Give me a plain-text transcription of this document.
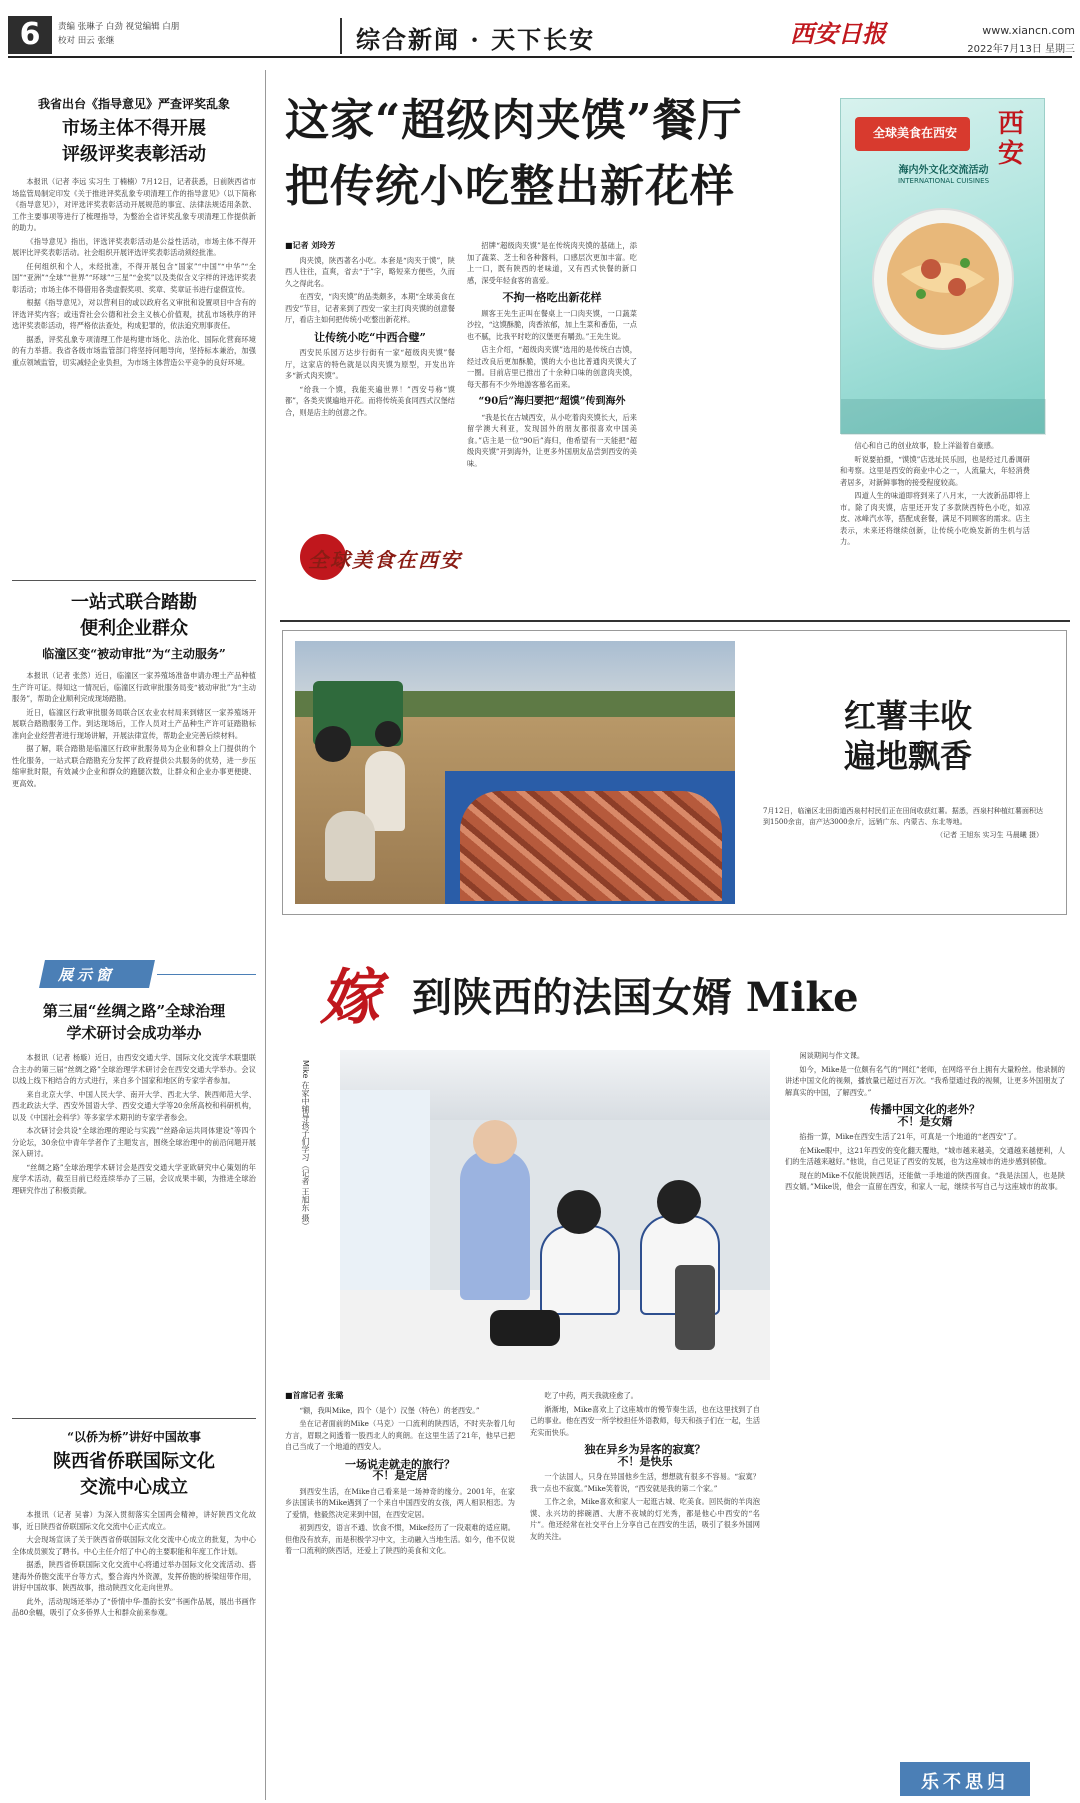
6	责编 张琳子 白劲 视觉编辑 白朋
校对 田云 张继	综合新闻 · 天下长安	西安日报	www.xiancn.com
2022年7月13日 星期三
我省出台《指导意见》严查评奖乱象
市场主体不得开展
评级评奖表彰活动

本报讯（记者 李远 实习生 丁楠楠）7月12日，记者获悉，日前陕西省市场监管局制定印发《关于推进评奖乱象专项清理工作的指导意见》（以下简称《指导意见》），对评选评奖表彰活动开展规范的事宜、法律法规适用条款、工作主要事项等进行了梳理指导，为整治全省评奖乱象专项清理工作提供新的助力。

《指导意见》指出，评选评奖表彰活动是公益性活动，市场主体不得开展评比评奖表彰活动。社会组织开展评选评奖表彰活动须经批准。

任何组织和个人，未经批准，不得开展包含“国家”“中国”“中华”“全国”“亚洲”“全球”“世界”“环球”“三星”“金奖”以及类似含义字样的评选评奖表彰活动；市场主体不得借用各类虚假奖项、奖章、奖章证书进行虚假宣传。

根据《指导意见》，对以营利目的或以政府名义审批和设置项目中含有的评选评奖内容；或违背社会公德和社会主义核心价值观，扰乱市场秩序的评选评奖表彰活动，将严格依法查处，构成犯罪的，依法追究刑事责任。

据悉，评奖乱象专项清理工作是构建市场化、法治化、国际化营商环境的有力举措。我省各级市场监管部门将坚持问题导向，坚持标本兼治，加强重点领域监管，切实减轻企业负担，为市场主体营造公平竞争的良好环境。

一站式联合踏勘
便利企业群众
临潼区变“被动审批”为“主动服务”

本报讯（记者 张然）近日，临潼区一家养殖场准备申请办理土产品种植生产许可证。得知这一情况后，临潼区行政审批服务局变“被动审批”为“主动服务”，帮助企业顺利完成现场踏勘。

近日，临潼区行政审批服务局联合区农业农村局来到辖区一家养殖场开展联合踏勘服务工作。到达现场后，工作人员对土产品种生产许可证踏勘标准向企业经营者进行现场讲解，开展法律宣传，帮助企业完善后续材料。

据了解，联合踏勘是临潼区行政审批服务局为企业和群众上门提供的个性化服务，一站式联合踏勘充分发挥了政府提供公共服务的优势，进一步压缩审批时限，有效减少企业和群众的跑腿次数，让群众和企业办事更便捷、更高效。

展示窗
第三届“丝绸之路”全球治理
学术研讨会成功举办

本报讯（记者 杨璇）近日，由西安交通大学、国际文化交流学术联盟联合主办的第三届“丝绸之路”全球治理学术研讨会在西安交通大学举办。会议以线上线下相结合的方式进行，来自多个国家和地区的专家学者参加。

来自北京大学、中国人民大学、南开大学、西北大学、陕西师范大学、西北政法大学、西安外国语大学、西安交通大学等20余所高校和科研机构，以及《中国社会科学》等多家学术期刊的专家学者参会。

本次研讨会共设“全球治理的理论与实践”“丝路命运共同体建设”等四个分论坛，30余位中青年学者作了主题发言，围绕全球治理中的前沿问题开展深入研讨。

“丝绸之路”全球治理学术研讨会是西安交通大学亚欧研究中心策划的年度学术活动，截至目前已经连续举办了三届，会议成果丰硕，为推进全球治理研究作出了积极贡献。

“以侨为桥”讲好中国故事
陕西省侨联国际文化
交流中心成立

本报讯（记者 吴睿）为深入贯彻落实全国两会精神，讲好陕西文化故事，近日陕西省侨联国际文化交流中心正式成立。

大会现场宣读了关于陕西省侨联国际文化交流中心成立的批复，为中心全体成员颁发了聘书。中心主任介绍了中心的主要职能和年度工作计划。

据悉，陕西省侨联国际文化交流中心将通过举办国际文化交流活动、搭建海外侨胞交流平台等方式，整合海内外资源，发挥侨胞的桥梁纽带作用，讲好中国故事、陕西故事，推动陕西文化走向世界。

此外，活动现场还举办了“侨情中华·墨韵长安”书画作品展，展出书画作品80余幅，吸引了众多侨界人士和群众前来参观。

这家“超级肉夹馍”餐厅
把传统小吃整出新花样
全球美食在西安	西 安
海内外文化交流活动
INTERNATIONAL CUISINES
■记者 刘玲芳

肉夹馍，陕西著名小吃。本套是“肉夹于馍”，陕西人往往，直爽，省去“于”字，略短来方便些，久而久之得此名。

在西安，“肉夹馍”的品类颇多，本期“全球美食在西安”节目，记者来到了西安一家主打肉夹馍的创意餐厅，看店主如何把传统小吃整出新花样。

让传统小吃“中西合璧”

西安民乐园万达步行街有一家“超级肉夹馍”餐厅，这家店的特色就是以肉夹馍为原型，开发出许多“新式肉夹馍”。

“给我一个馍，我能夹遍世界！”西安号称“馍都”，各类夹馍遍地开花。而将传统美食同西式汉堡结合，则是店主的创意之作。

招牌“超级肉夹馍”是在传统肉夹馍的基础上，添加了蔬菜、芝士和各种酱料，口感层次更加丰富。吃上一口，既有陕西的老味道，又有西式快餐的新口感，深受年轻食客的喜爱。

不拘一格吃出新花样

顾客王先生正叫在餐桌上一口肉夹馍，一口蔬菜沙拉，“这馍酥脆，肉香浓郁，加上生菜和番茄，一点也不腻，比我平时吃的汉堡更有嚼劲。”王先生说。

店主介绍，“超级肉夹馍”选用的是传统白吉馍，经过改良后更加酥脆，馍的大小也比普通肉夹馍大了一圈。目前店里已推出了十余种口味的创意肉夹馍，每天都有不少外地游客慕名而来。

“90后”海归要把“超馍”传到海外

“我是长在古城西安，从小吃着肉夹馍长大，后来留学澳大利亚，发现国外的朋友都很喜欢中国美食。”店主是一位“90后”海归，他希望有一天能把“超级肉夹馍”开到海外，让更多外国朋友品尝到西安的美味。

信心和自己的创业故事，脸上洋溢着自豪感。

听说要拍摄，“馍馍”店选址民乐园，也是经过几番调研和考察。这里是西安的商业中心之一，人流量大，年轻消费者居多，对新鲜事物的接受程度较高。

四道人生的味道即将到来了八月末，一大波新品即将上市。除了肉夹馍，店里还开发了多款陕西特色小吃，如凉皮、冰峰汽水等，搭配成套餐，满足不同顾客的需求。店主表示，未来还将继续创新，让传统小吃焕发新的生机与活力。

全球美食在西安
红薯丰收
遍地飘香
7月12日，临潼区北田街道西泉村村民们正在田间收获红薯。据悉，西泉村种植红薯面积达到1500余亩，亩产达3000余斤，远销广东、内蒙古、东北等地。
（记者 王旭东 实习生 马晨曦 摄）
嫁 到陕西的法国女婿 Mike
Mike 在家中辅导孩子们学习（记者 王旭东 摄）
■首席记者 张璐

“额，我叫Mike，四个（是个）汉堡（特色）的老西安。”

坐在记者面前的Mike（马克）一口流利的陕西话，不时夹杂着几句方言，眉眼之间透着一股西北人的爽朗。在这里生活了21年，他早已把自己当成了一个地道的西安人。

一场说走就走的旅行？
不！是定居

到西安生活，在Mike自己看来是一场神奇的缘分。2001年，在家乡法国读书的Mike遇到了一个来自中国西安的女孩，两人相识相恋。为了爱情，他毅然决定来到中国，在西安定居。

初到西安，语言不通、饮食不惯，Mike经历了一段艰难的适应期。但他没有放弃，而是积极学习中文，主动融入当地生活。如今，他不仅说着一口流利的陕西话，还爱上了陕西的美食和文化。

吃了中药，两天我就痊愈了。

渐渐地，Mike喜欢上了这座城市的慢节奏生活，也在这里找到了自己的事业。他在西安一所学校担任外语教师，每天和孩子们在一起，生活充实而快乐。

独在异乡为异客的寂寞？
不！是快乐

一个法国人，只身在异国他乡生活，想想就有很多不容易。“寂寞？我一点也不寂寞。”Mike笑着说，“西安就是我的第二个家。”

工作之余，Mike喜欢和家人一起逛古城、吃美食。回民街的羊肉泡馍、永兴坊的摔碗酒、大唐不夜城的灯光秀，都是他心中西安的“名片”。他还经常在社交平台上分享自己在西安的生活，吸引了很多外国网友的关注。

闲谈期间与作文课。

如今，Mike是一位颇有名气的“网红”老师，在网络平台上拥有大量粉丝。他录制的讲述中国文化的视频，播放量已超过百万次。“我希望通过我的视频，让更多外国朋友了解真实的中国，了解西安。”

传播中国文化的老外？
不！是女婿

掐指一算，Mike在西安生活了21年，可真是一个地道的“老西安”了。

在Mike眼中，这21年西安的变化翻天覆地，“城市越来越美，交通越来越便利，人们的生活越来越好。”他说，自己见证了西安的发展，也为这座城市的进步感到骄傲。

现在的Mike不仅能说陕西话，还能做一手地道的陕西面食。“我是法国人，也是陕西女婿。”Mike说，他会一直留在西安，和家人一起，继续书写自己与这座城市的故事。

乐不思归
